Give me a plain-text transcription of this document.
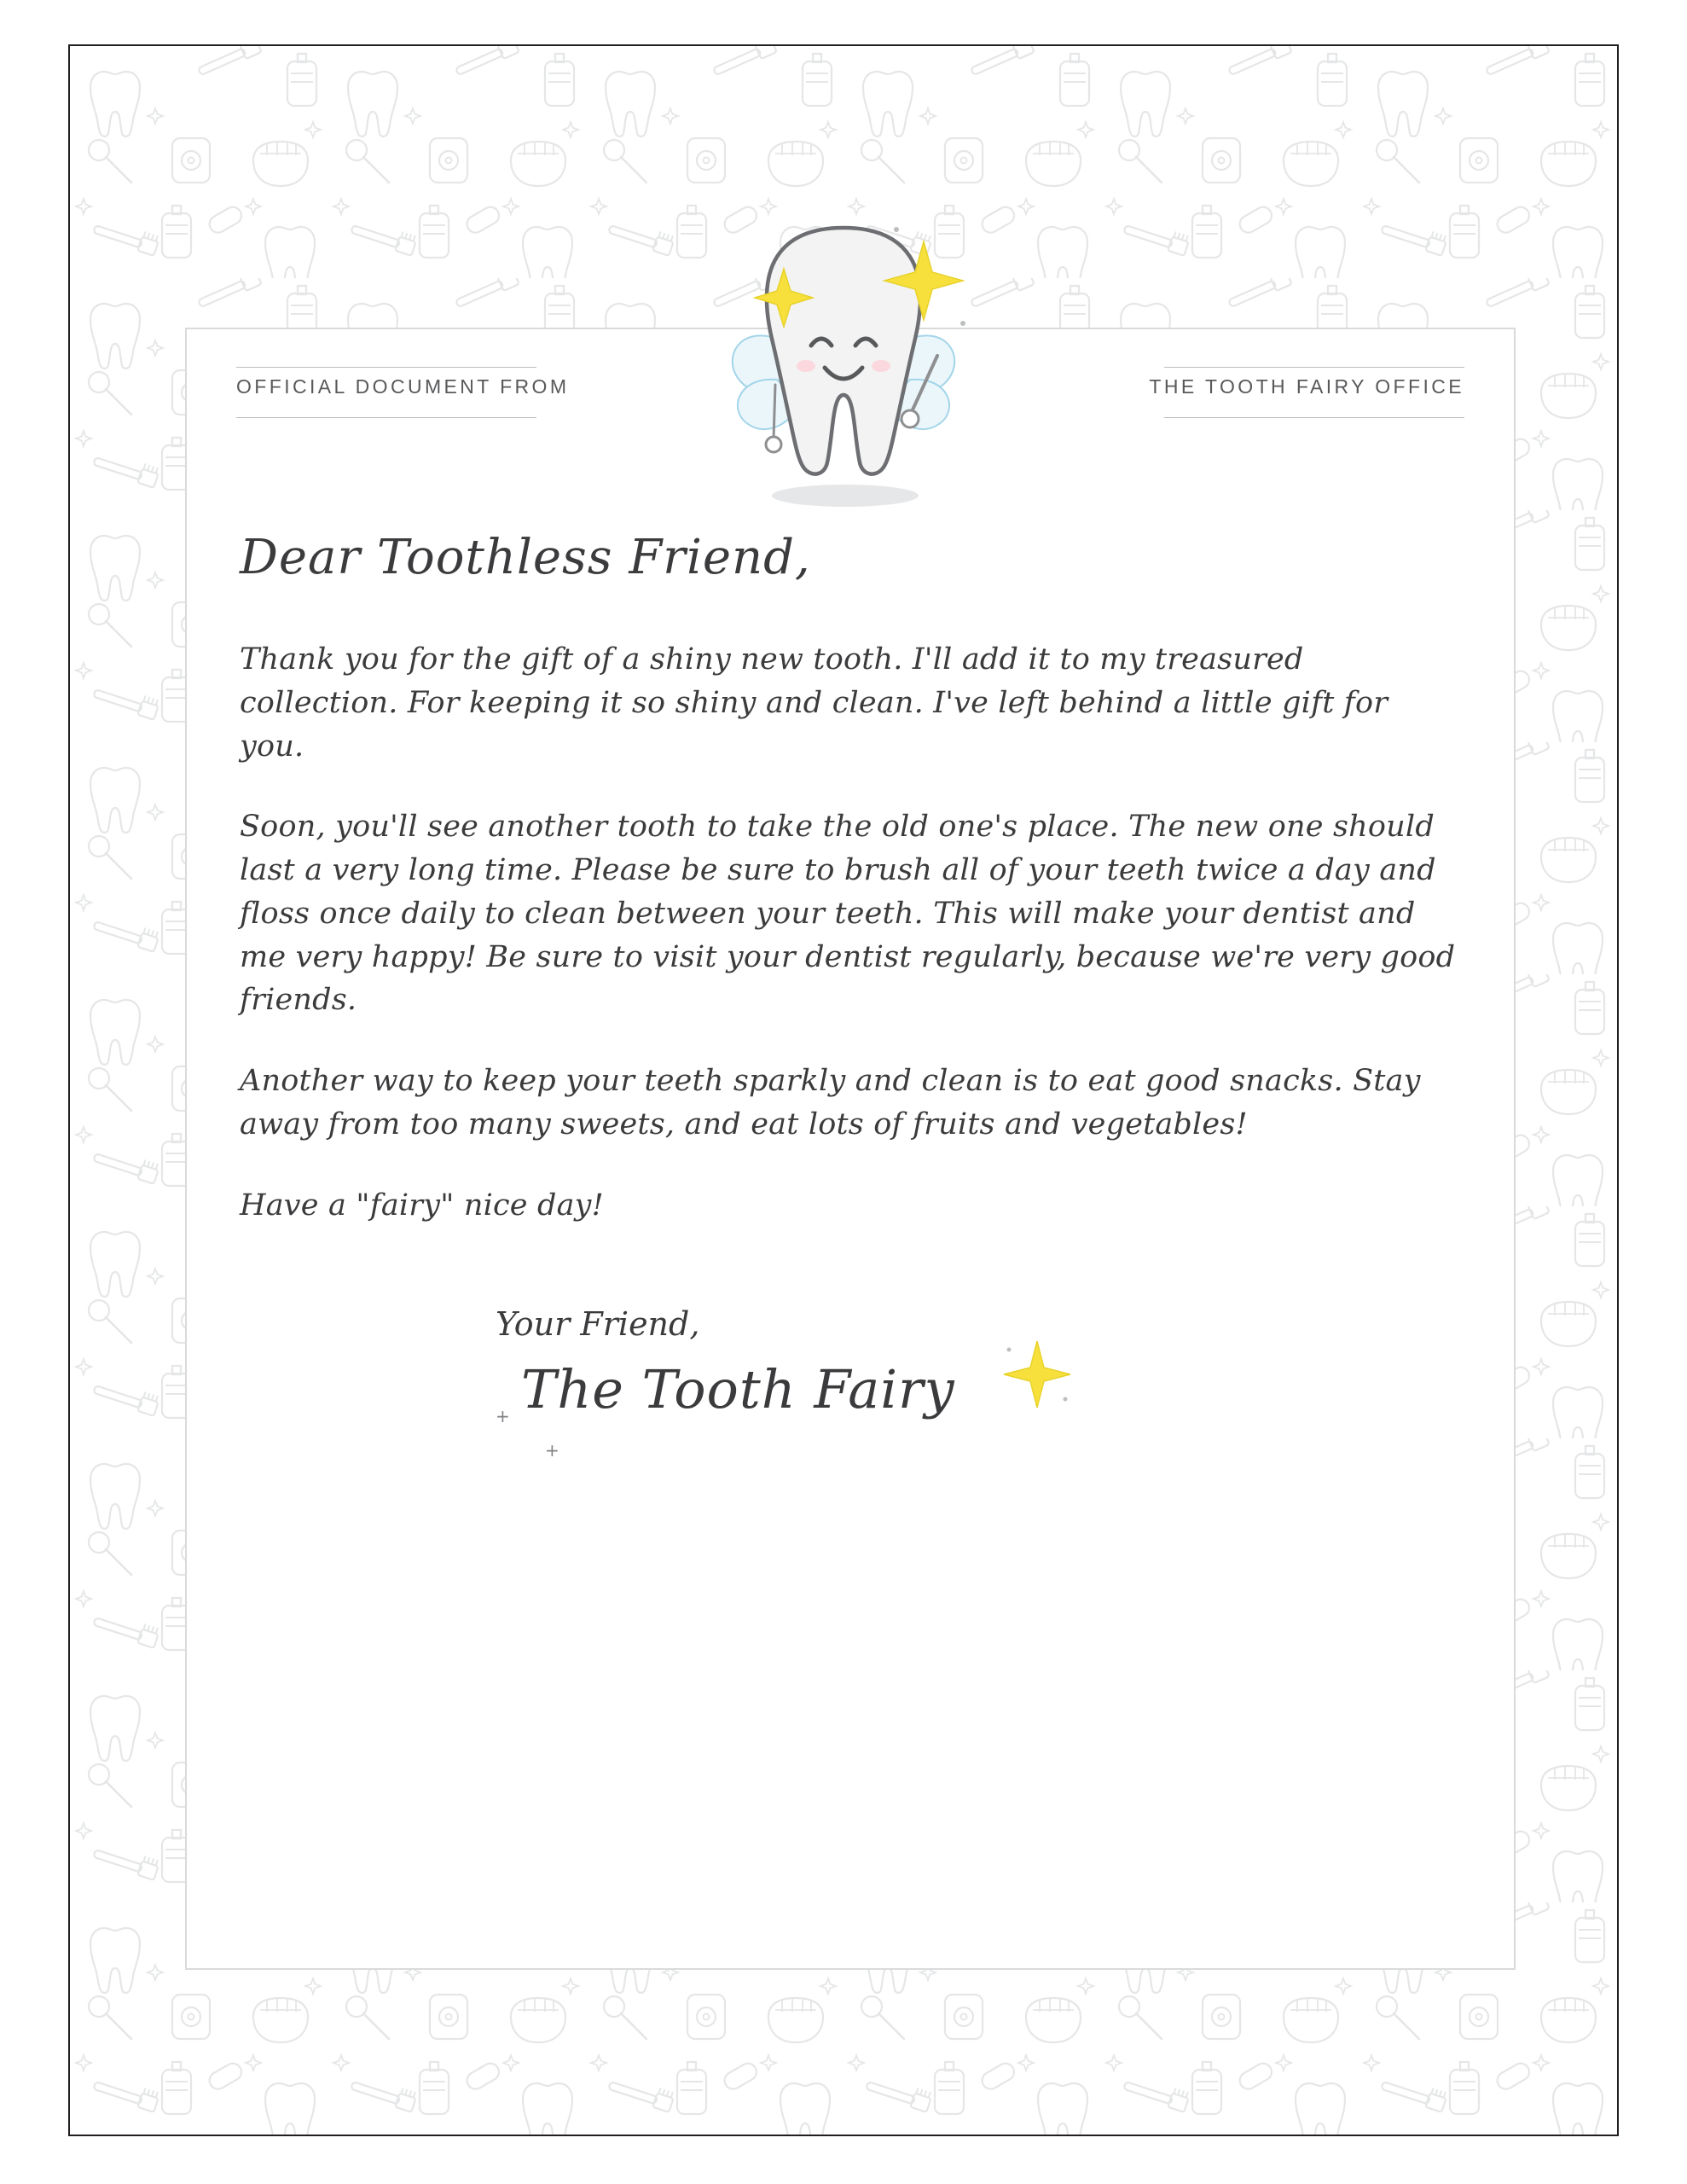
OFFICIAL DOCUMENT FROM	THE TOOTH FAIRY OFFICE
Dear Toothless Friend,

Thank you for the gift of a shiny new tooth. I'll add it to my treasured collection. For keeping it so shiny and clean. I've left behind a little gift for you.

Soon, you'll see another tooth to take the old one's place. The new one should last a very long time. Please be sure to brush all of your teeth twice a day and floss once daily to clean between your teeth. This will make your dentist and me very happy! Be sure to visit your dentist regularly, because we're very good friends.

Another way to keep your teeth sparkly and clean is to eat good snacks. Stay away from too many sweets, and eat lots of fruits and vegetables!

Have a "fairy" nice day!

Your Friend,
+ The Tooth Fairy
+
